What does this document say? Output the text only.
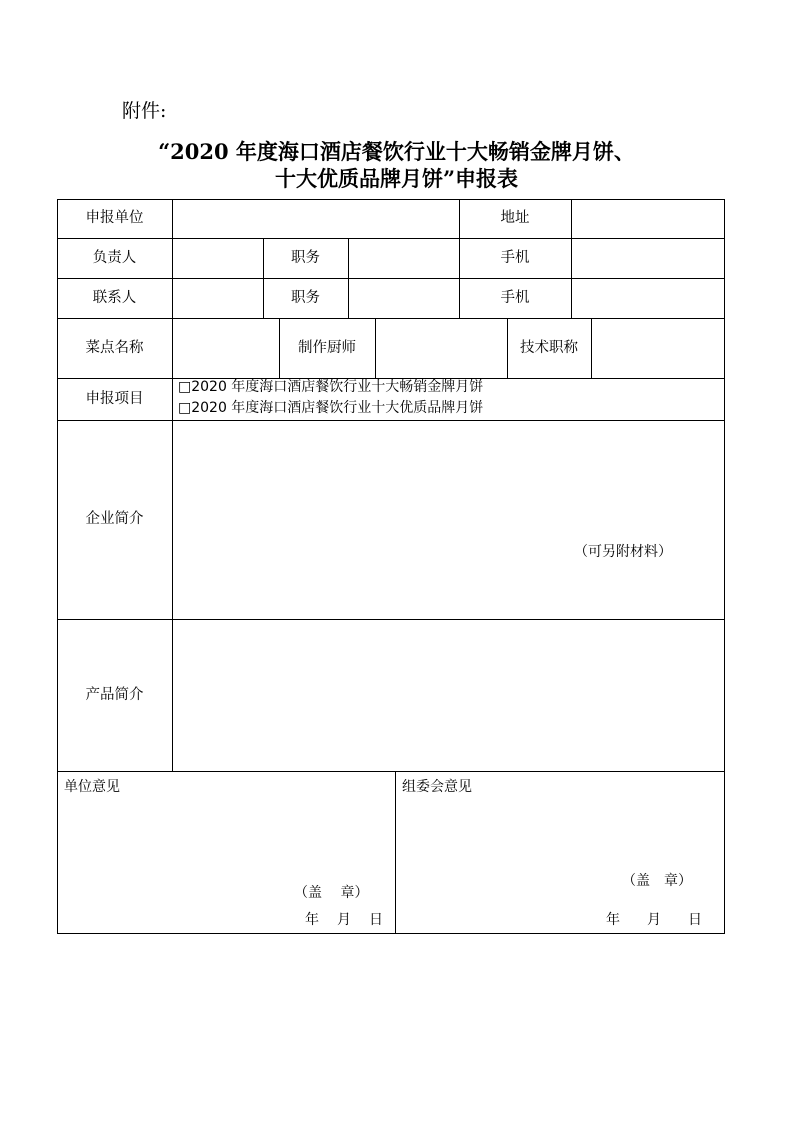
附件:
“2020 年度海口酒店餐饮行业十大畅销金牌月饼、
十大优质品牌月饼”申报表
申报单位	地址
负责人	职务	手机
联系人	职务	手机
菜点名称	制作厨师	技术职称
申报项目
□2020 年度海口酒店餐饮行业十大畅销金牌月饼
□2020 年度海口酒店餐饮行业十大优质品牌月饼
企业简介
（可另附材料）
产品简介
单位意见
（盖　 章）
年 月 日
组委会意见
（盖　章）
年 月 日
